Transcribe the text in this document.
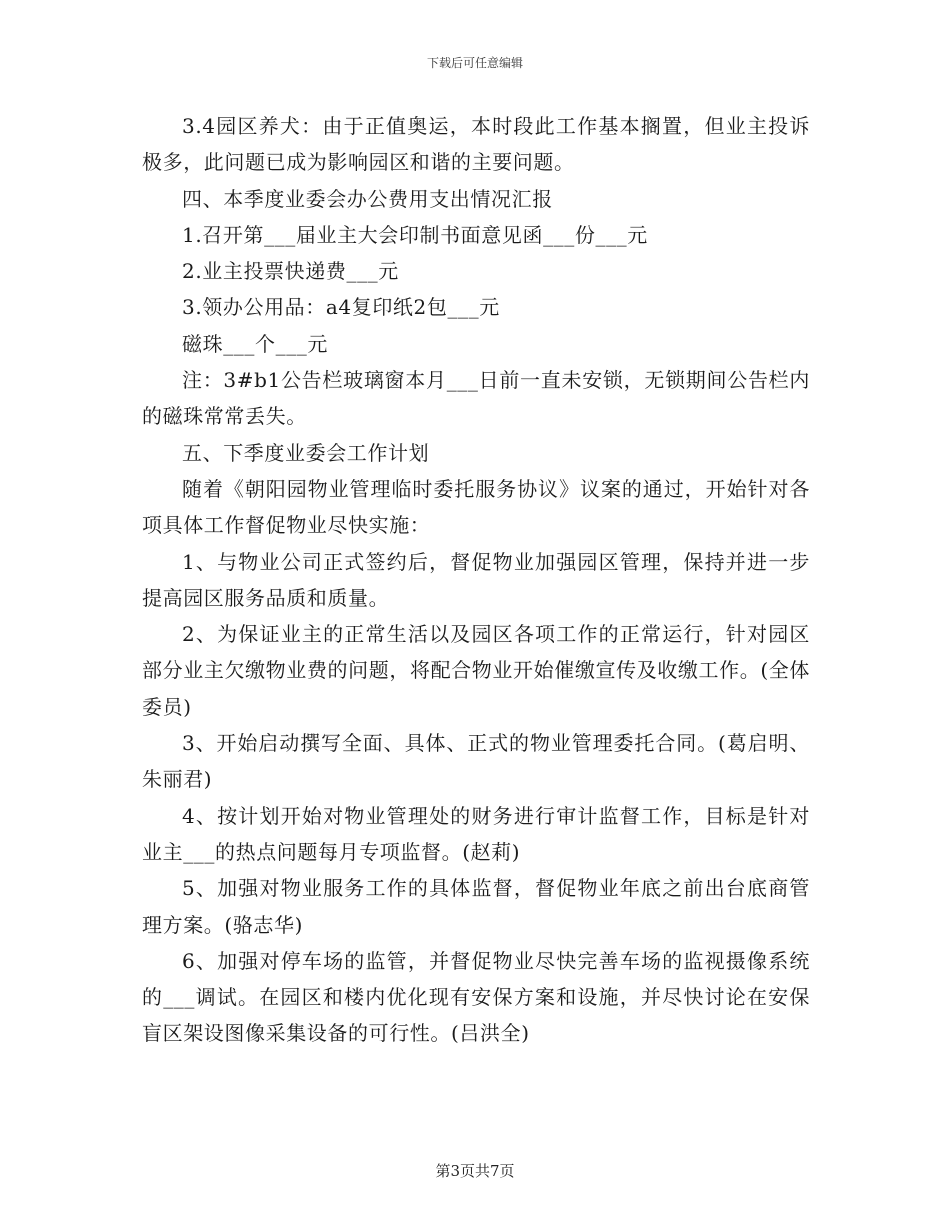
下载后可任意编辑

3.4园区养犬：由于正值奥运，本时段此工作基本搁置，但业主投诉极多，此问题已成为影响园区和谐的主要问题。

四、本季度业委会办公费用支出情况汇报

1.召开第___届业主大会印制书面意见函___份___元

2.业主投票快递费___元

3.领办公用品：a4复印纸2包___元

磁珠___个___元

注：3#b1公告栏玻璃窗本月___日前一直未安锁，无锁期间公告栏内的磁珠常常丢失。

五、下季度业委会工作计划

随着《朝阳园物业管理临时委托服务协议》议案的通过，开始针对各项具体工作督促物业尽快实施：

1、与物业公司正式签约后，督促物业加强园区管理，保持并进一步提高园区服务品质和质量。

2、为保证业主的正常生活以及园区各项工作的正常运行，针对园区部分业主欠缴物业费的问题，将配合物业开始催缴宣传及收缴工作。(全体委员)

3、开始启动撰写全面、具体、正式的物业管理委托合同。(葛启明、朱丽君)

4、按计划开始对物业管理处的财务进行审计监督工作，目标是针对业主___的热点问题每月专项监督。(赵莉)

5、加强对物业服务工作的具体监督，督促物业年底之前出台底商管理方案。(骆志华)

6、加强对停车场的监管，并督促物业尽快完善车场的监视摄像系统的___调试。在园区和楼内优化现有安保方案和设施，并尽快讨论在安保盲区架设图像采集设备的可行性。(吕洪全)

第3页共7页
